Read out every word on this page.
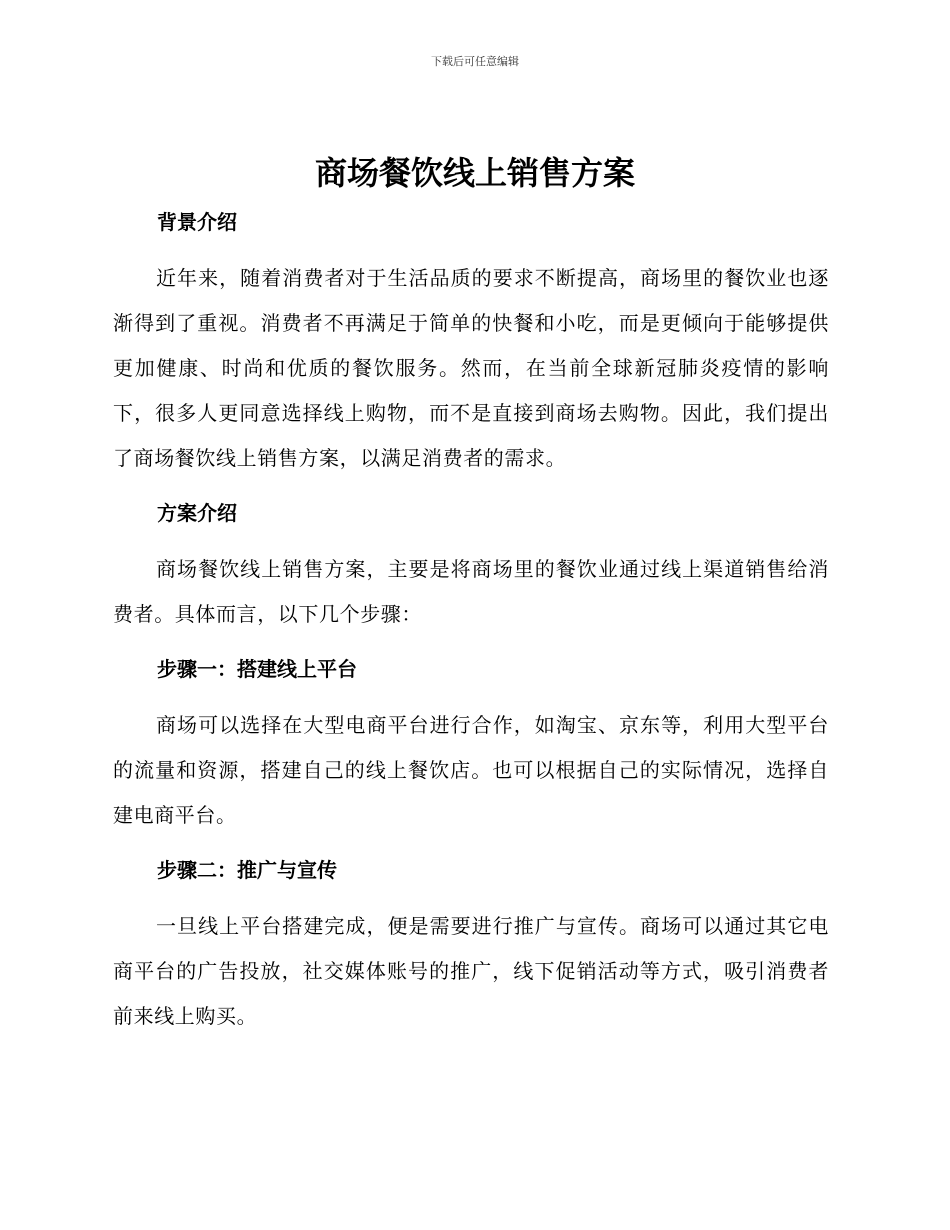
下载后可任意编辑
商场餐饮线上销售方案

背景介绍

近年来，随着消费者对于生活品质的要求不断提高，商场里的餐饮业也逐渐得到了重视。消费者不再满足于简单的快餐和小吃，而是更倾向于能够提供更加健康、时尚和优质的餐饮服务。然而，在当前全球新冠肺炎疫情的影响下，很多人更同意选择线上购物，而不是直接到商场去购物。因此，我们提出了商场餐饮线上销售方案，以满足消费者的需求。

方案介绍

商场餐饮线上销售方案，主要是将商场里的餐饮业通过线上渠道销售给消费者。具体而言，以下几个步骤：

步骤一：搭建线上平台

商场可以选择在大型电商平台进行合作，如淘宝、京东等，利用大型平台的流量和资源，搭建自己的线上餐饮店。也可以根据自己的实际情况，选择自建电商平台。

步骤二：推广与宣传

一旦线上平台搭建完成，便是需要进行推广与宣传。商场可以通过其它电商平台的广告投放，社交媒体账号的推广，线下促销活动等方式，吸引消费者前来线上购买。
